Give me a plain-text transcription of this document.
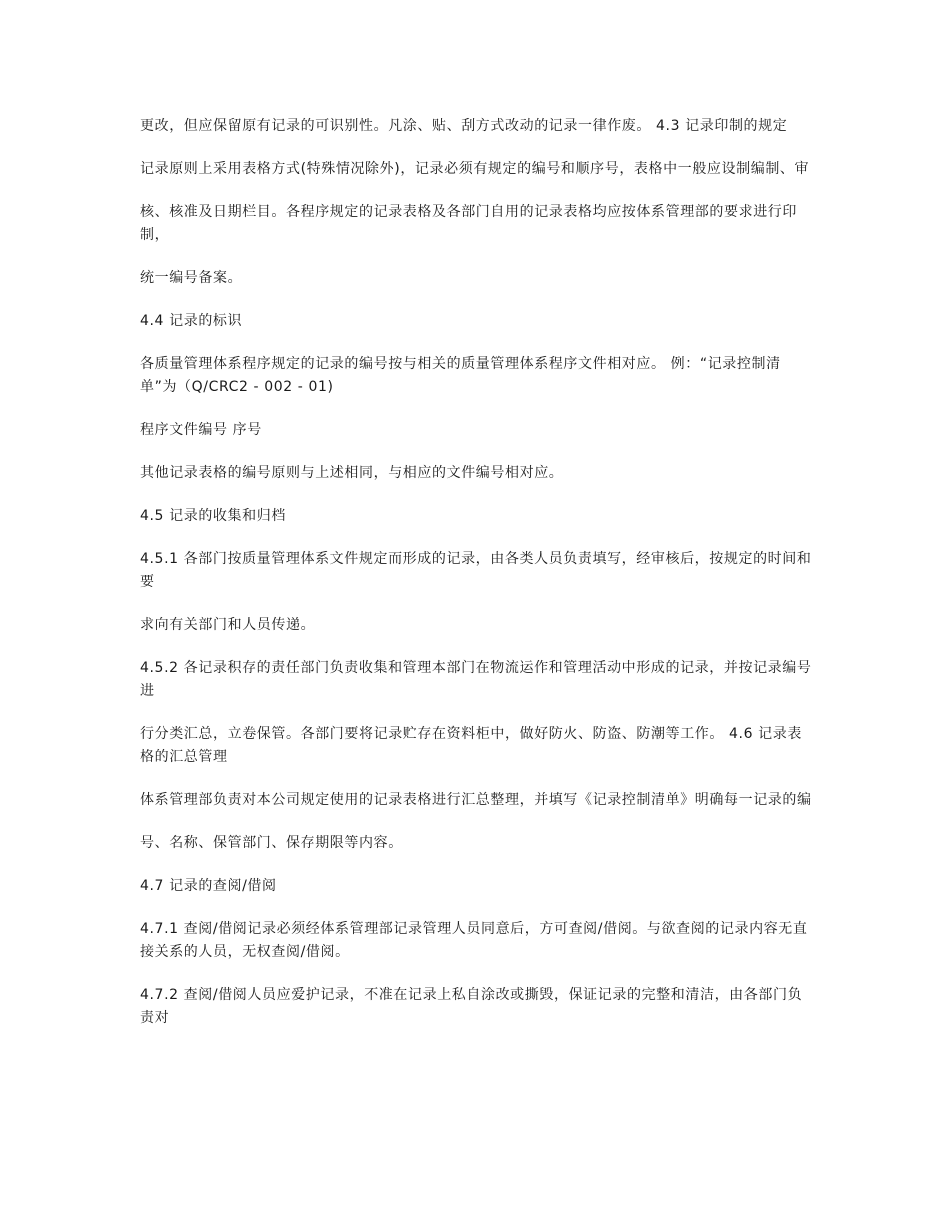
更改，但应保留原有记录的可识别性。凡涂、贴、刮方式改动的记录一律作废。 4.3 记录印制的规定

记录原则上采用表格方式(特殊情况除外)，记录必须有规定的编号和顺序号，表格中一般应设制编制、审

核、核准及日期栏目。各程序规定的记录表格及各部门自用的记录表格均应按体系管理部的要求进行印制，

统一编号备案。

4.4 记录的标识

各质量管理体系程序规定的记录的编号按与相关的质量管理体系程序文件相对应。 例：“记录控制清单”为（Q/CRC2 - 002 - 01)

程序文件编号 序号

其他记录表格的编号原则与上述相同，与相应的文件编号相对应。

4.5 记录的收集和归档

4.5.1 各部门按质量管理体系文件规定而形成的记录，由各类人员负责填写，经审核后，按规定的时间和要

求向有关部门和人员传递。

4.5.2 各记录积存的责任部门负责收集和管理本部门在物流运作和管理活动中形成的记录，并按记录编号进

行分类汇总，立卷保管。各部门要将记录贮存在资料柜中，做好防火、防盗、防潮等工作。 4.6 记录表格的汇总管理

体系管理部负责对本公司规定使用的记录表格进行汇总整理，并填写《记录控制清单》明确每一记录的编

号、名称、保管部门、保存期限等内容。

4.7 记录的查阅/借阅

4.7.1 查阅/借阅记录必须经体系管理部记录管理人员同意后，方可查阅/借阅。与欲查阅的记录内容无直接关系的人员，无权查阅/借阅。

4.7.2 查阅/借阅人员应爱护记录，不准在记录上私自涂改或撕毁，保证记录的完整和清洁，由各部门负责对
